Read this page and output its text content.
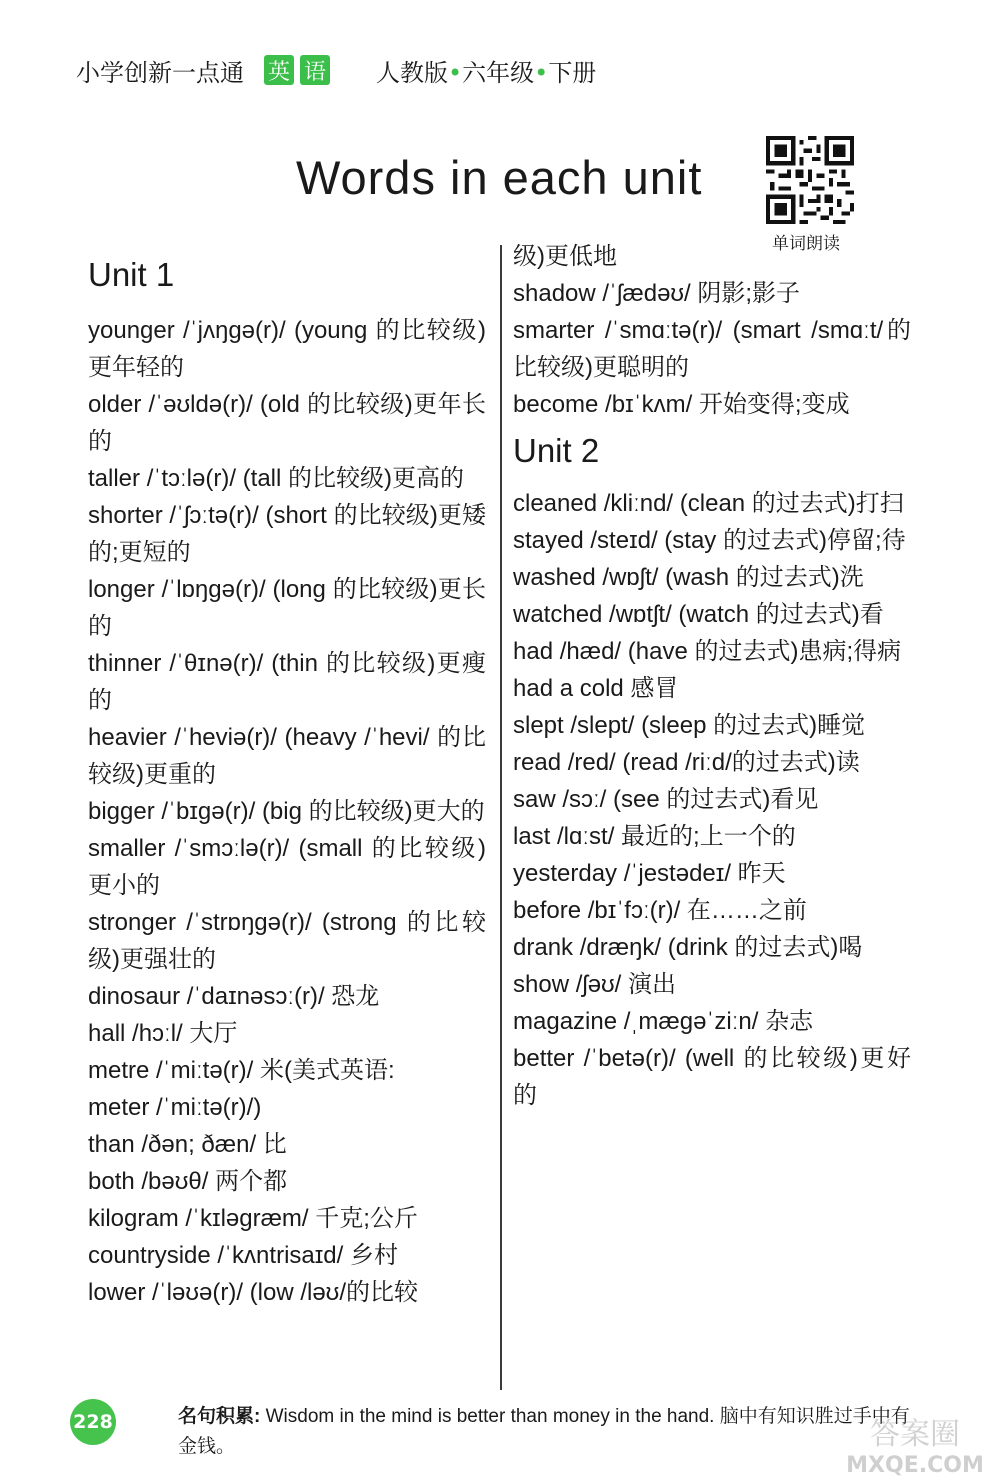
小学创新一点通 英 语 人教版•六年级•下册
Words in each unit
单词朗读
Unit 1

younger /ˈjʌŋgə(r)/ (young 的比较级)更年轻的

older /ˈəʊldə(r)/ (old 的比较级)更年长的

taller /ˈtɔːlə(r)/ (tall 的比较级)更高的

shorter /ˈʃɔːtə(r)/ (short 的比较级)更矮的;更短的

longer /ˈlɒŋgə(r)/ (long 的比较级)更长的

thinner /ˈθɪnə(r)/ (thin 的比较级)更瘦的

heavier /ˈheviə(r)/ (heavy /ˈhevi/ 的比较级)更重的

bigger /ˈbɪgə(r)/ (big 的比较级)更大的

smaller /ˈsmɔːlə(r)/ (small 的比较级)更小的

stronger /ˈstrɒŋgə(r)/ (strong 的比较级)更强壮的

dinosaur /ˈdaɪnəsɔː(r)/ 恐龙

hall /hɔːl/ 大厅

metre /ˈmiːtə(r)/ 米(美式英语:

meter /ˈmiːtə(r)/)

than /ðən; ðæn/ 比

both /bəʊθ/ 两个都

kilogram /ˈkɪləgræm/ 千克;公斤

countryside /ˈkʌntrisaɪd/ 乡村

lower /ˈləʊə(r)/ (low /ləʊ/的比较

级)更低地

shadow /ˈʃædəʊ/ 阴影;影子

smarter /ˈsmɑːtə(r)/ (smart /smɑːt/的比较级)更聪明的

become /bɪˈkʌm/ 开始变得;变成

Unit 2

cleaned /kliːnd/ (clean 的过去式)打扫

stayed /steɪd/ (stay 的过去式)停留;待

washed /wɒʃt/ (wash 的过去式)洗

watched /wɒtʃt/ (watch 的过去式)看

had /hæd/ (have 的过去式)患病;得病

had a cold 感冒

slept /slept/ (sleep 的过去式)睡觉

read /red/ (read /riːd/的过去式)读

saw /sɔː/ (see 的过去式)看见

last /lɑːst/ 最近的;上一个的

yesterday /ˈjestədeɪ/ 昨天

before /bɪˈfɔː(r)/ 在……之前

drank /dræŋk/ (drink 的过去式)喝

show /ʃəʊ/ 演出

magazine /ˌmægəˈziːn/ 杂志

better /ˈbetə(r)/ (well 的比较级)更好的

228	名句积累: Wisdom in the mind is better than money in the hand. 脑中有知识胜过手中有金钱。	答案圈
MXQE.COM
